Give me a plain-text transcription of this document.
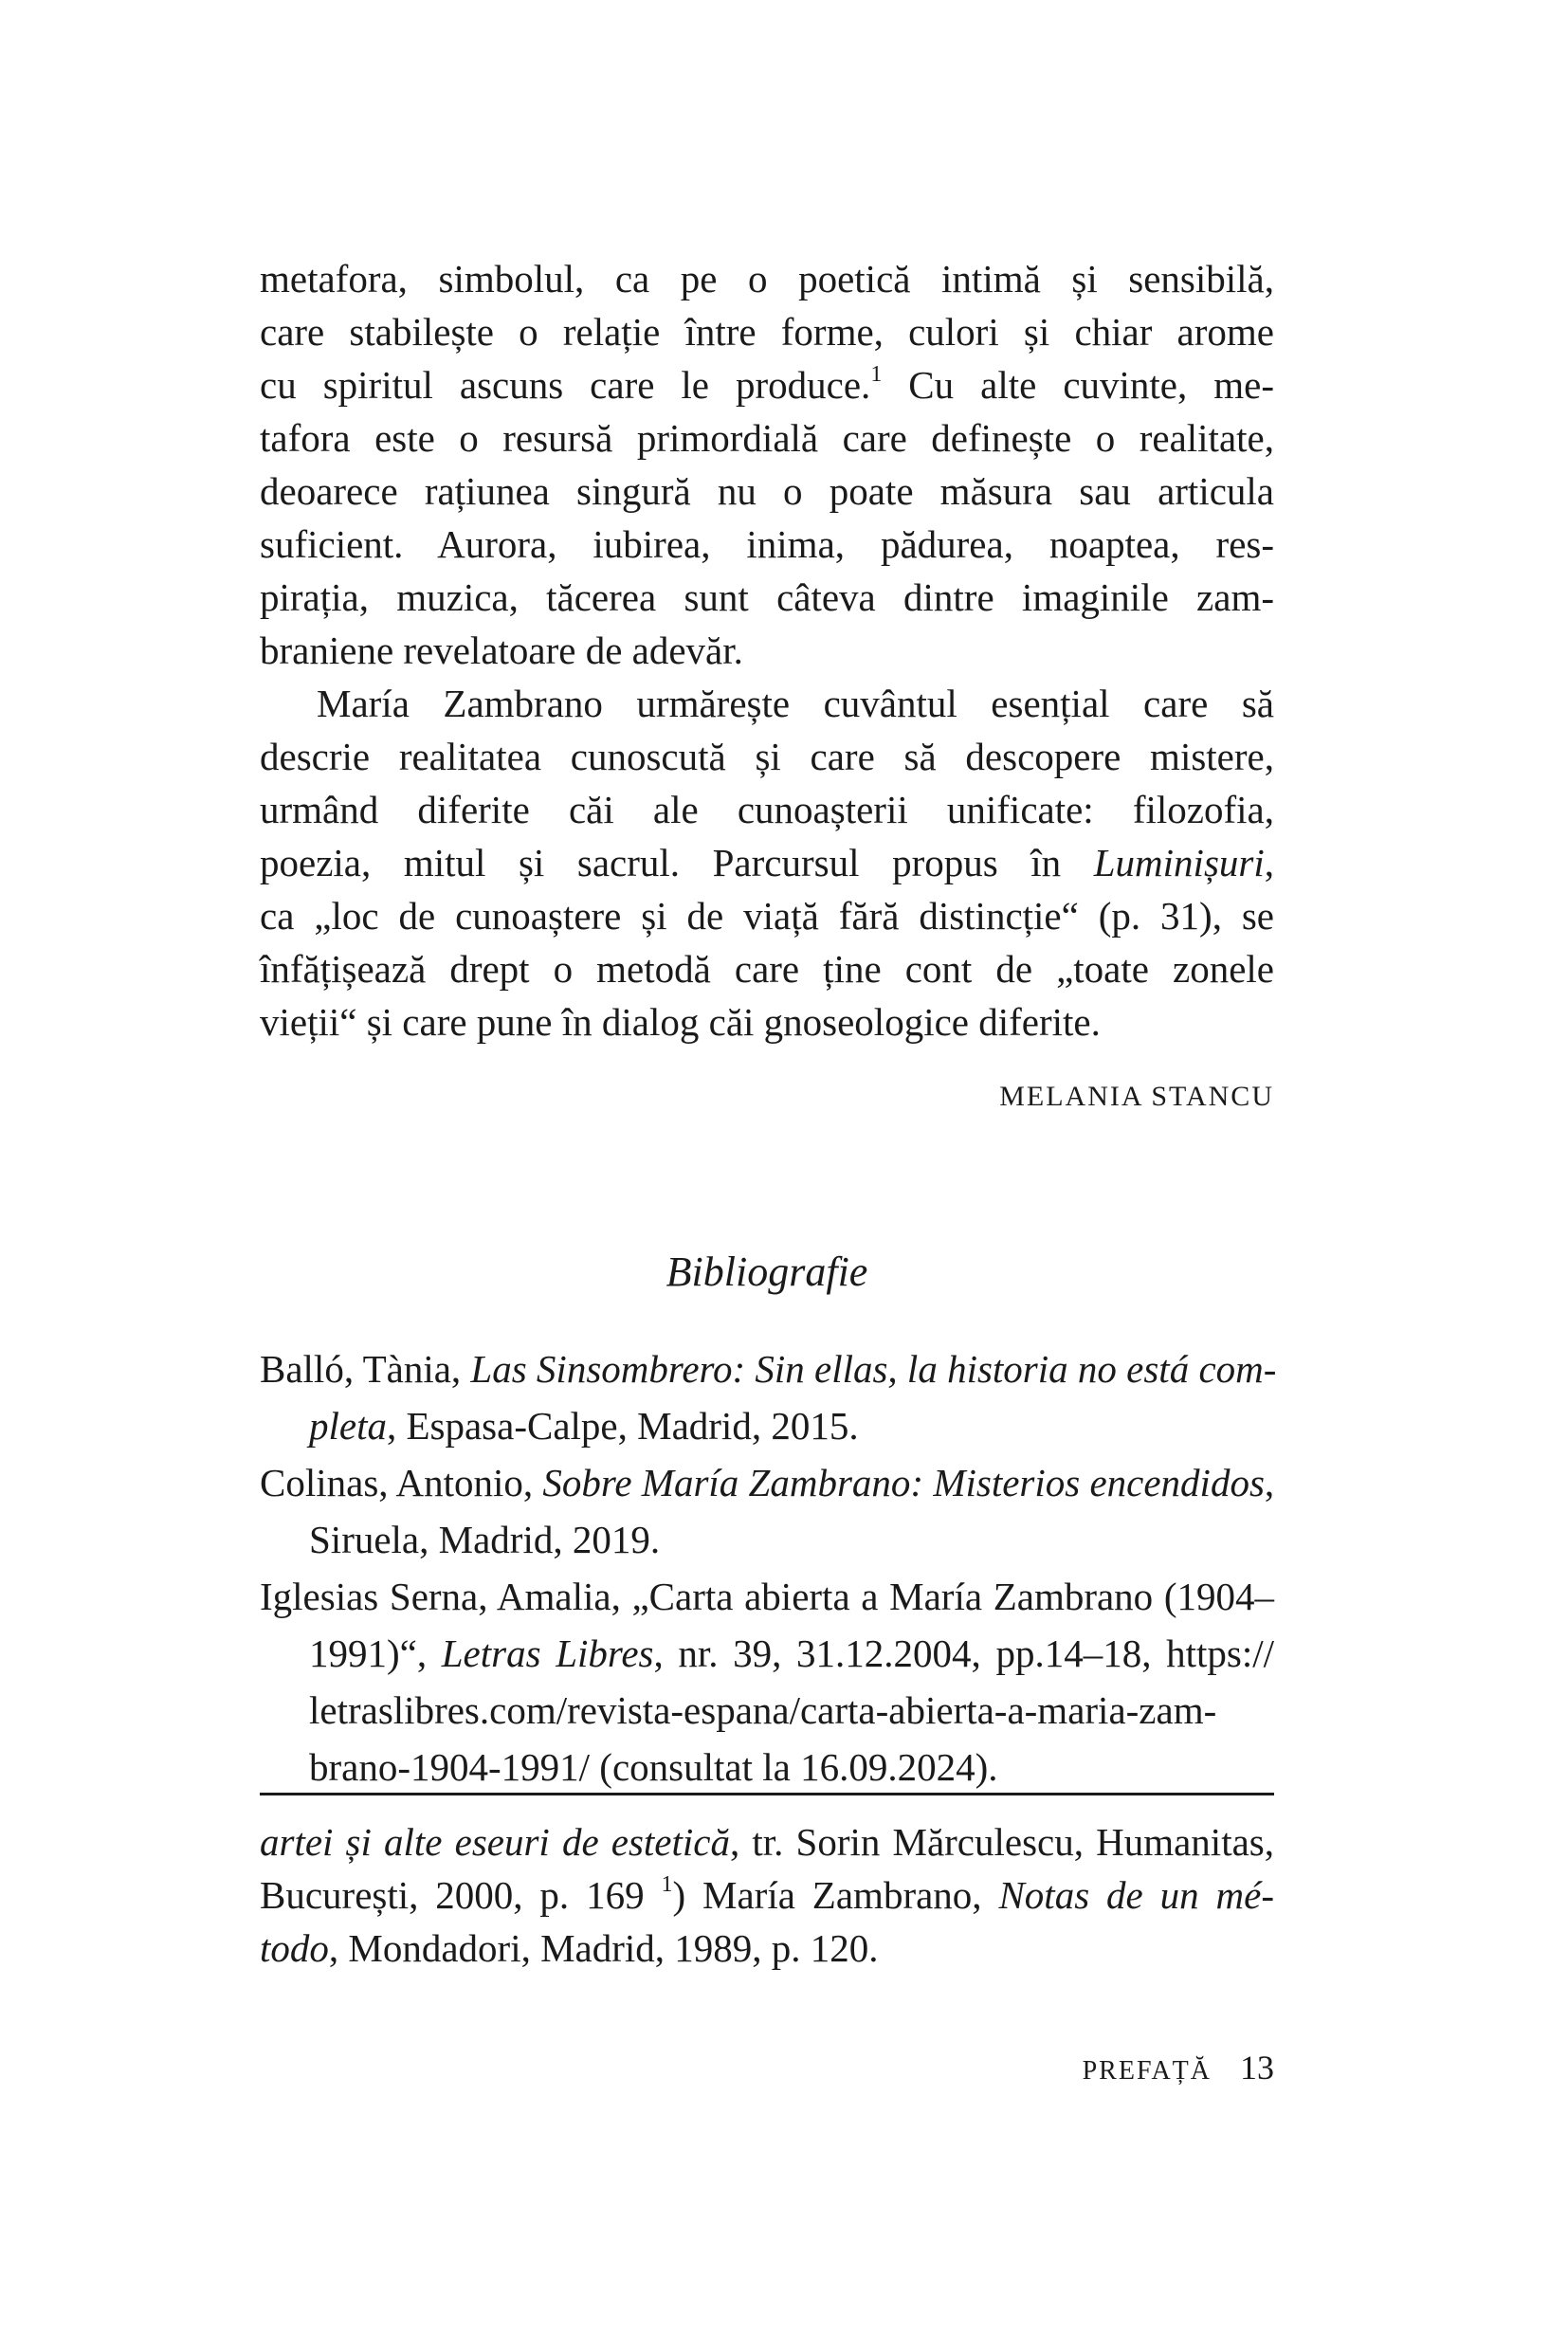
metafora, simbolul, ca pe o poetică intimă și sensibilă,
care stabilește o relație între forme, culori și chiar arome
cu spiritul ascuns care le produce.$^1$ Cu alte cuvinte, me-
tafora este o resursă primordială care definește o realitate,
deoarece rațiunea singură nu o poate măsura sau articula
suficient. Aurora, iubirea, inima, pădurea, noaptea, res-
pirația, muzica, tăcerea sunt câteva dintre imaginile zam-
braniene revelatoare de adevăr.
María Zambrano urmărește cuvântul esențial care să
descrie realitatea cunoscută și care să descopere mistere,
urmând diferite căi ale cunoașterii unificate: filozofia,
poezia, mitul și sacrul. Parcursul propus în Luminișuri,
ca „loc de cunoaștere și de viață fără distincție“ (p. 31), se
înfățișează drept o metodă care ține cont de „toate zonele
vieții“ și care pune în dialog căi gnoseologice diferite.
MELANIA STANCU
Bibliografie
Balló, Tània, Las Sinsombrero: Sin ellas, la historia no está com-
pleta, Espasa-Calpe, Madrid, 2015.
Colinas, Antonio, Sobre María Zambrano: Misterios encendidos,
Siruela, Madrid, 2019.
Iglesias Serna, Amalia, „Carta abierta a María Zambrano (1904–
1991)“, Letras Libres, nr. 39, 31.12.2004, pp.14–18, https://
letraslibres.com/revista-espana/carta-abierta-a-maria-zam-
brano-1904-1991/ (consultat la 16.09.2024).
artei și alte eseuri de estetică, tr. Sorin Mărculescu, Humanitas,
București, 2000, p. 169 $^1$) María Zambrano, Notas de un mé-
todo, Mondadori, Madrid, 1989, p. 120.
PREFAȚĂ 13
